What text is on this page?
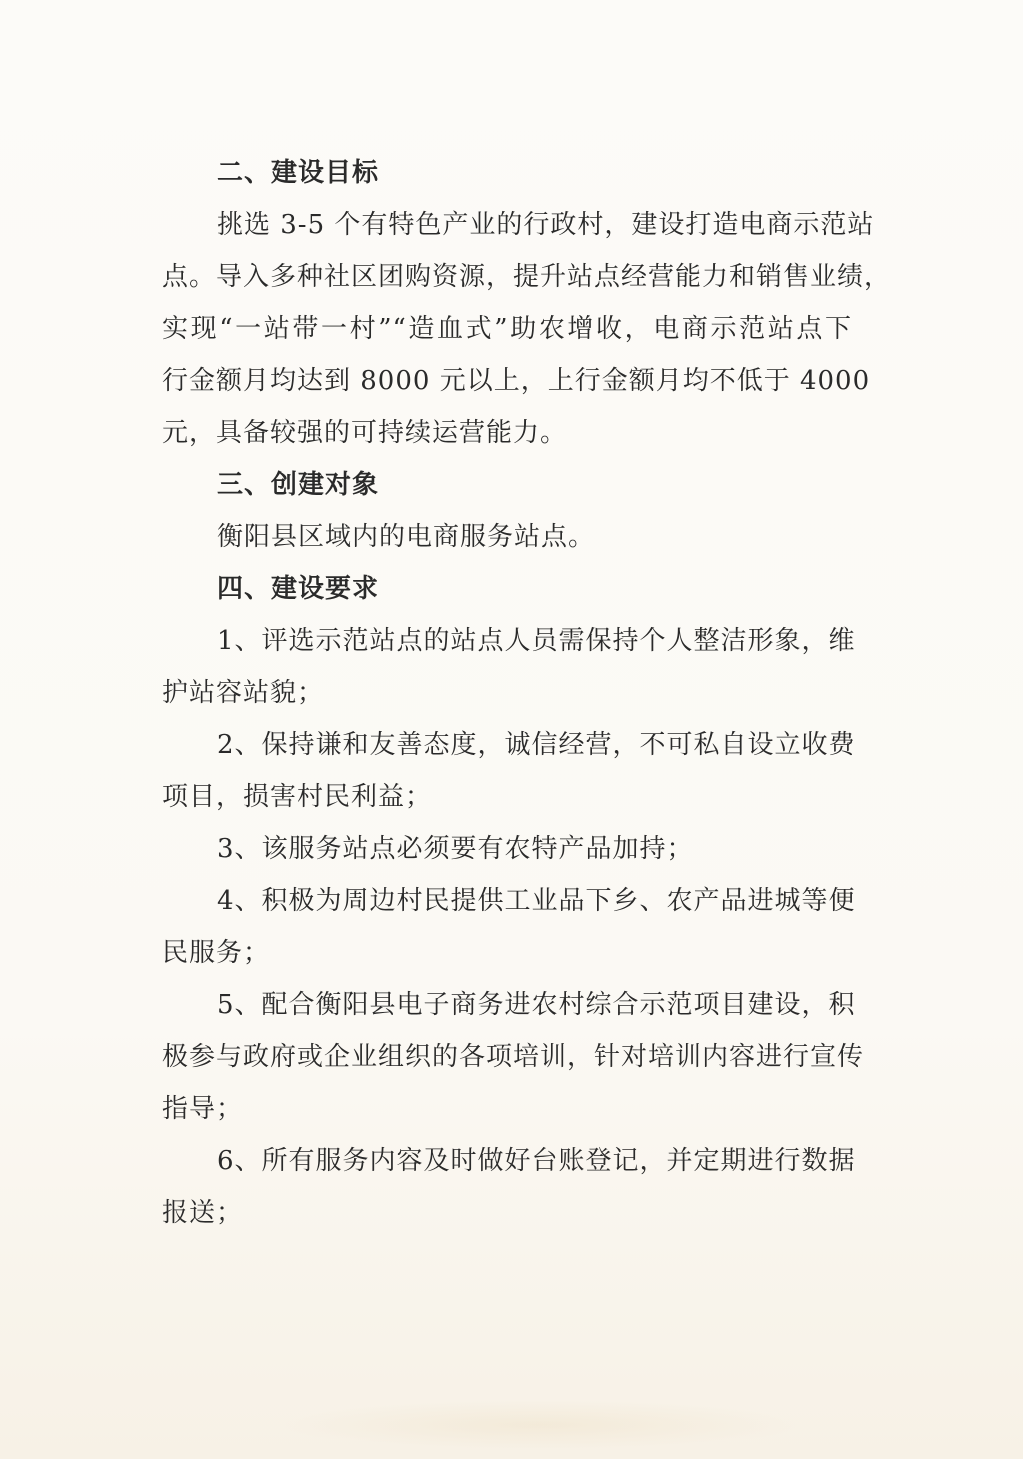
二、建设目标
挑选 3-5 个有特色产业的行政村，建设打造电商示范站
点。导入多种社区团购资源，提升站点经营能力和销售业绩，
实现“一站带一村”“造血式”助农增收，电商示范站点下
行金额月均达到 8000 元以上，上行金额月均不低于 4000
元，具备较强的可持续运营能力。
三、创建对象
衡阳县区域内的电商服务站点。
四、建设要求
1、评选示范站点的站点人员需保持个人整洁形象，维
护站容站貌；
2、保持谦和友善态度，诚信经营，不可私自设立收费
项目，损害村民利益；
3、该服务站点必须要有农特产品加持；
4、积极为周边村民提供工业品下乡、农产品进城等便
民服务；
5、配合衡阳县电子商务进农村综合示范项目建设，积
极参与政府或企业组织的各项培训，针对培训内容进行宣传
指导；
6、所有服务内容及时做好台账登记，并定期进行数据
报送；
